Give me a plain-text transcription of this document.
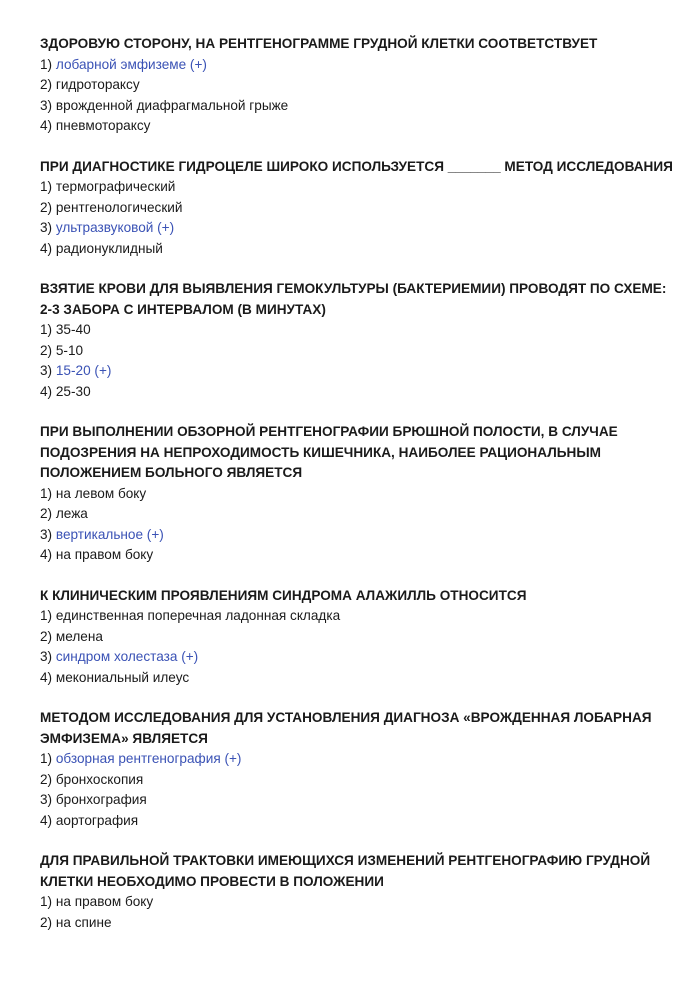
ЗДОРОВУЮ СТОРОНУ, НА РЕНТГЕНОГРАММЕ ГРУДНОЙ КЛЕТКИ СООТВЕТСТВУЕТ

1) лобарной эмфиземе (+)

2) гидротораксу

3) врожденной диафрагмальной грыже

4) пневмотораксу

ПРИ ДИАГНОСТИКЕ ГИДРОЦЕЛЕ ШИРОКО ИСПОЛЬЗУЕТСЯ _______ МЕТОД ИССЛЕДОВАНИЯ

1) термографический

2) рентгенологический

3) ультразвуковой (+)

4) радионуклидный

ВЗЯТИЕ КРОВИ ДЛЯ ВЫЯВЛЕНИЯ ГЕМОКУЛЬТУРЫ (БАКТЕРИЕМИИ) ПРОВОДЯТ ПО СХЕМЕ: 2-3 ЗАБОРА С ИНТЕРВАЛОМ (В МИНУТАХ)

1) 35-40

2) 5-10

3) 15-20 (+)

4) 25-30

ПРИ ВЫПОЛНЕНИИ ОБЗОРНОЙ РЕНТГЕНОГРАФИИ БРЮШНОЙ ПОЛОСТИ, В СЛУЧАЕ ПОДОЗРЕНИЯ НА НЕПРОХОДИМОСТЬ КИШЕЧНИКА, НАИБОЛЕЕ РАЦИОНАЛЬНЫМ ПОЛОЖЕНИЕМ БОЛЬНОГО ЯВЛЯЕТСЯ

1) на левом боку

2) лежа

3) вертикальное (+)

4) на правом боку

К КЛИНИЧЕСКИМ ПРОЯВЛЕНИЯМ СИНДРОМА АЛАЖИЛЛЬ ОТНОСИТСЯ

1) единственная поперечная ладонная складка

2) мелена

3) синдром холестаза (+)

4) мекониальный илеус

МЕТОДОМ ИССЛЕДОВАНИЯ ДЛЯ УСТАНОВЛЕНИЯ ДИАГНОЗА «ВРОЖДЕННАЯ ЛОБАРНАЯ ЭМФИЗЕМА» ЯВЛЯЕТСЯ

1) обзорная рентгенография (+)

2) бронхоскопия

3) бронхография

4) аортография

ДЛЯ ПРАВИЛЬНОЙ ТРАКТОВКИ ИМЕЮЩИХСЯ ИЗМЕНЕНИЙ РЕНТГЕНОГРАФИЮ ГРУДНОЙ КЛЕТКИ НЕОБХОДИМО ПРОВЕСТИ В ПОЛОЖЕНИИ

1) на правом боку

2) на спине
